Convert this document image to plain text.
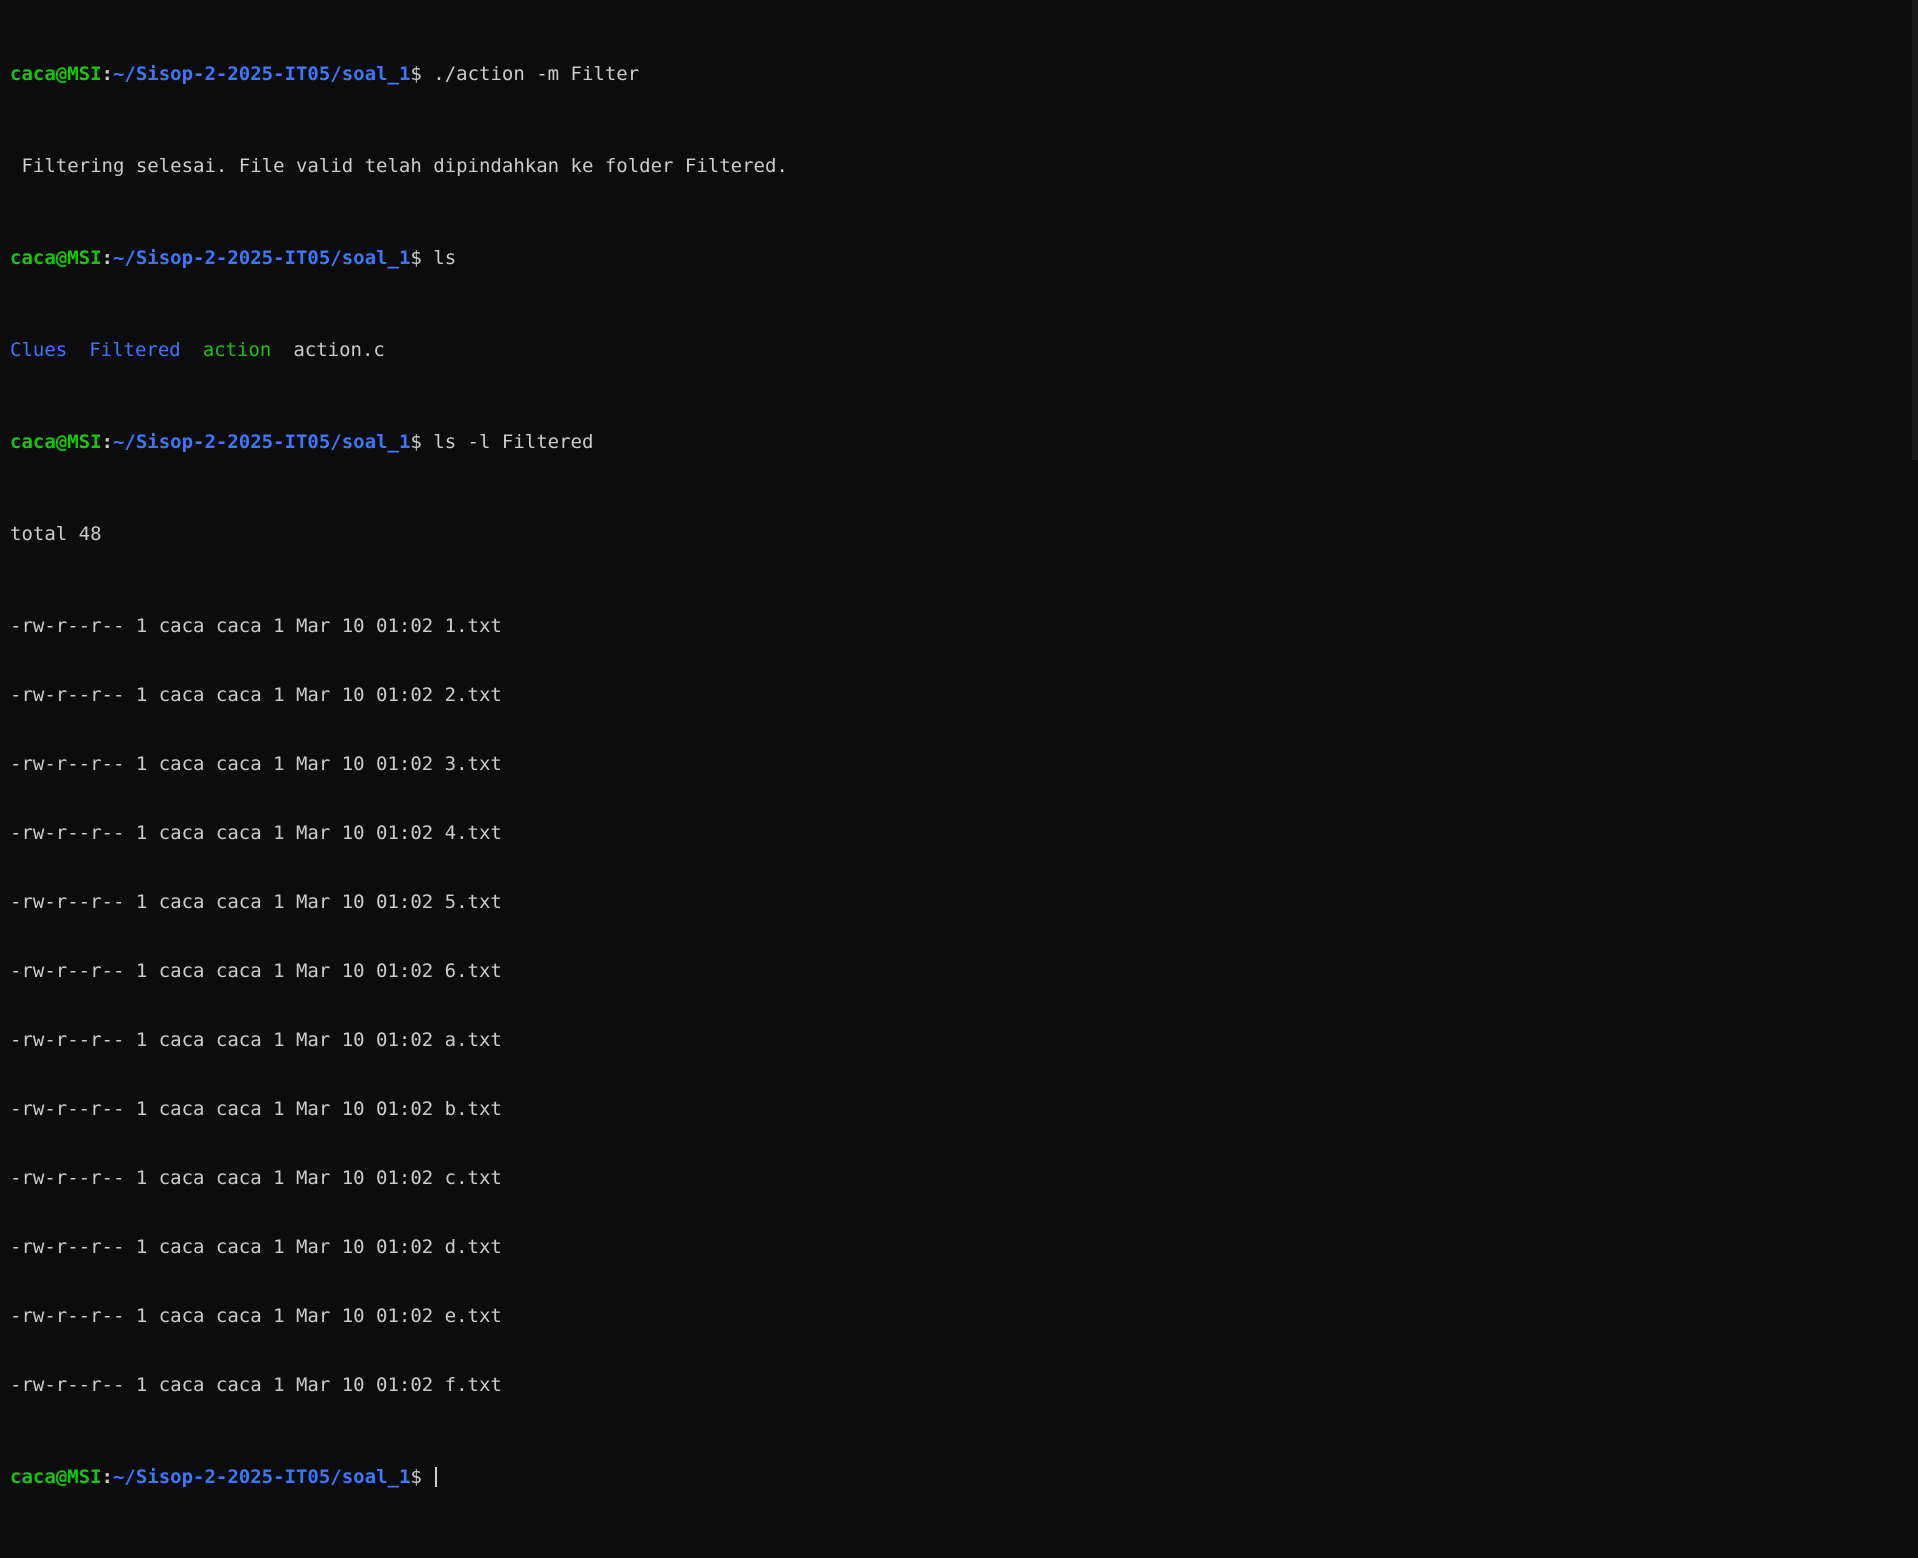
caca@MSI:~/Sisop-2-2025-IT05/soal_1$ ./action -m Filter

Filtering selesai. File valid telah dipindahkan ke folder Filtered.

caca@MSI:~/Sisop-2-2025-IT05/soal_1$ ls

Clues Filtered action action.c

caca@MSI:~/Sisop-2-2025-IT05/soal_1$ ls -l Filtered

total 48

-rw-r--r-- 1 caca caca 1 Mar 10 01:02 1.txt

-rw-r--r-- 1 caca caca 1 Mar 10 01:02 2.txt

-rw-r--r-- 1 caca caca 1 Mar 10 01:02 3.txt

-rw-r--r-- 1 caca caca 1 Mar 10 01:02 4.txt

-rw-r--r-- 1 caca caca 1 Mar 10 01:02 5.txt

-rw-r--r-- 1 caca caca 1 Mar 10 01:02 6.txt

-rw-r--r-- 1 caca caca 1 Mar 10 01:02 a.txt

-rw-r--r-- 1 caca caca 1 Mar 10 01:02 b.txt

-rw-r--r-- 1 caca caca 1 Mar 10 01:02 c.txt

-rw-r--r-- 1 caca caca 1 Mar 10 01:02 d.txt

-rw-r--r-- 1 caca caca 1 Mar 10 01:02 e.txt

-rw-r--r-- 1 caca caca 1 Mar 10 01:02 f.txt

caca@MSI:~/Sisop-2-2025-IT05/soal_1$
